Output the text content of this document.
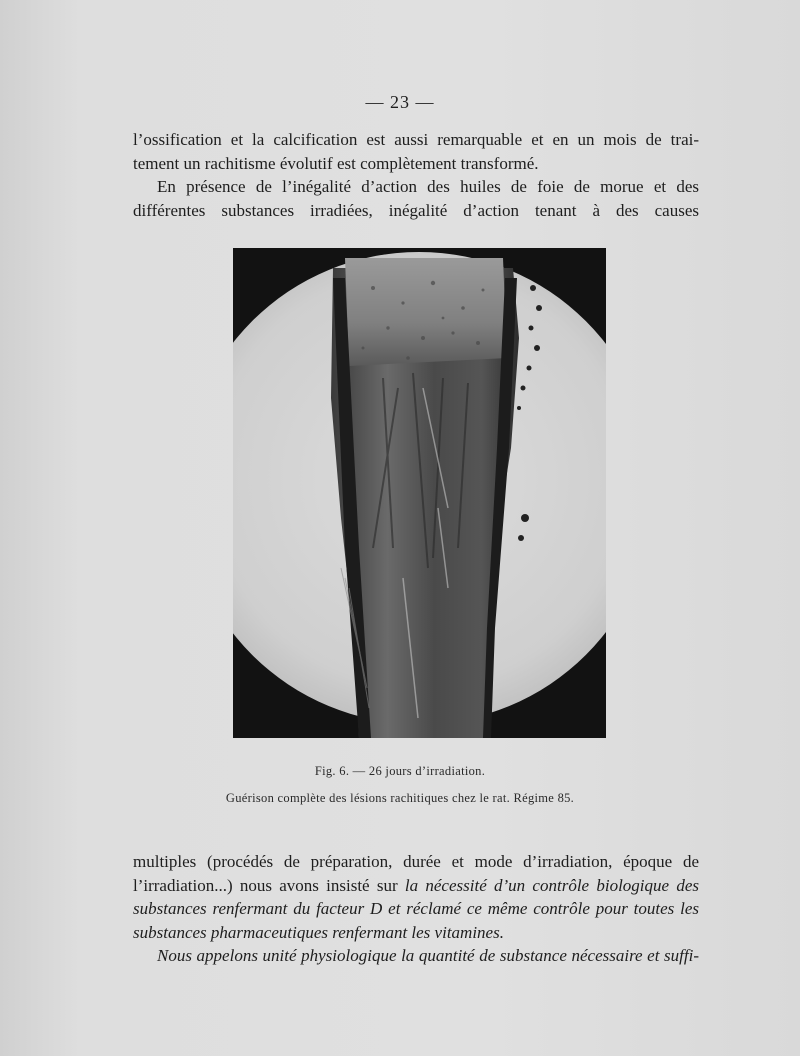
— 23 —

l’ossification et la calcification est aussi remarquable et en un mois de trai-
tement un rachitisme évolutif est complètement transformé.

En présence de l’inégalité d’action des huiles de foie de morue et des
différentes substances irradiées, inégalité d’action tenant à des causes

Fig. 6. — 26 jours d’irradiation.
Guérison complète des lésions rachitiques chez le rat. Régime 85.

multiples (procédés de préparation, durée et mode d’irradiation, époque de
l’irradiation...) nous avons insisté sur la nécessité d’un contrôle biologique des
substances renfermant du facteur D et réclamé ce même contrôle pour toutes les
substances pharmaceutiques renfermant les vitamines.

Nous appelons unité physiologique la quantité de substance nécessaire et suffi-
